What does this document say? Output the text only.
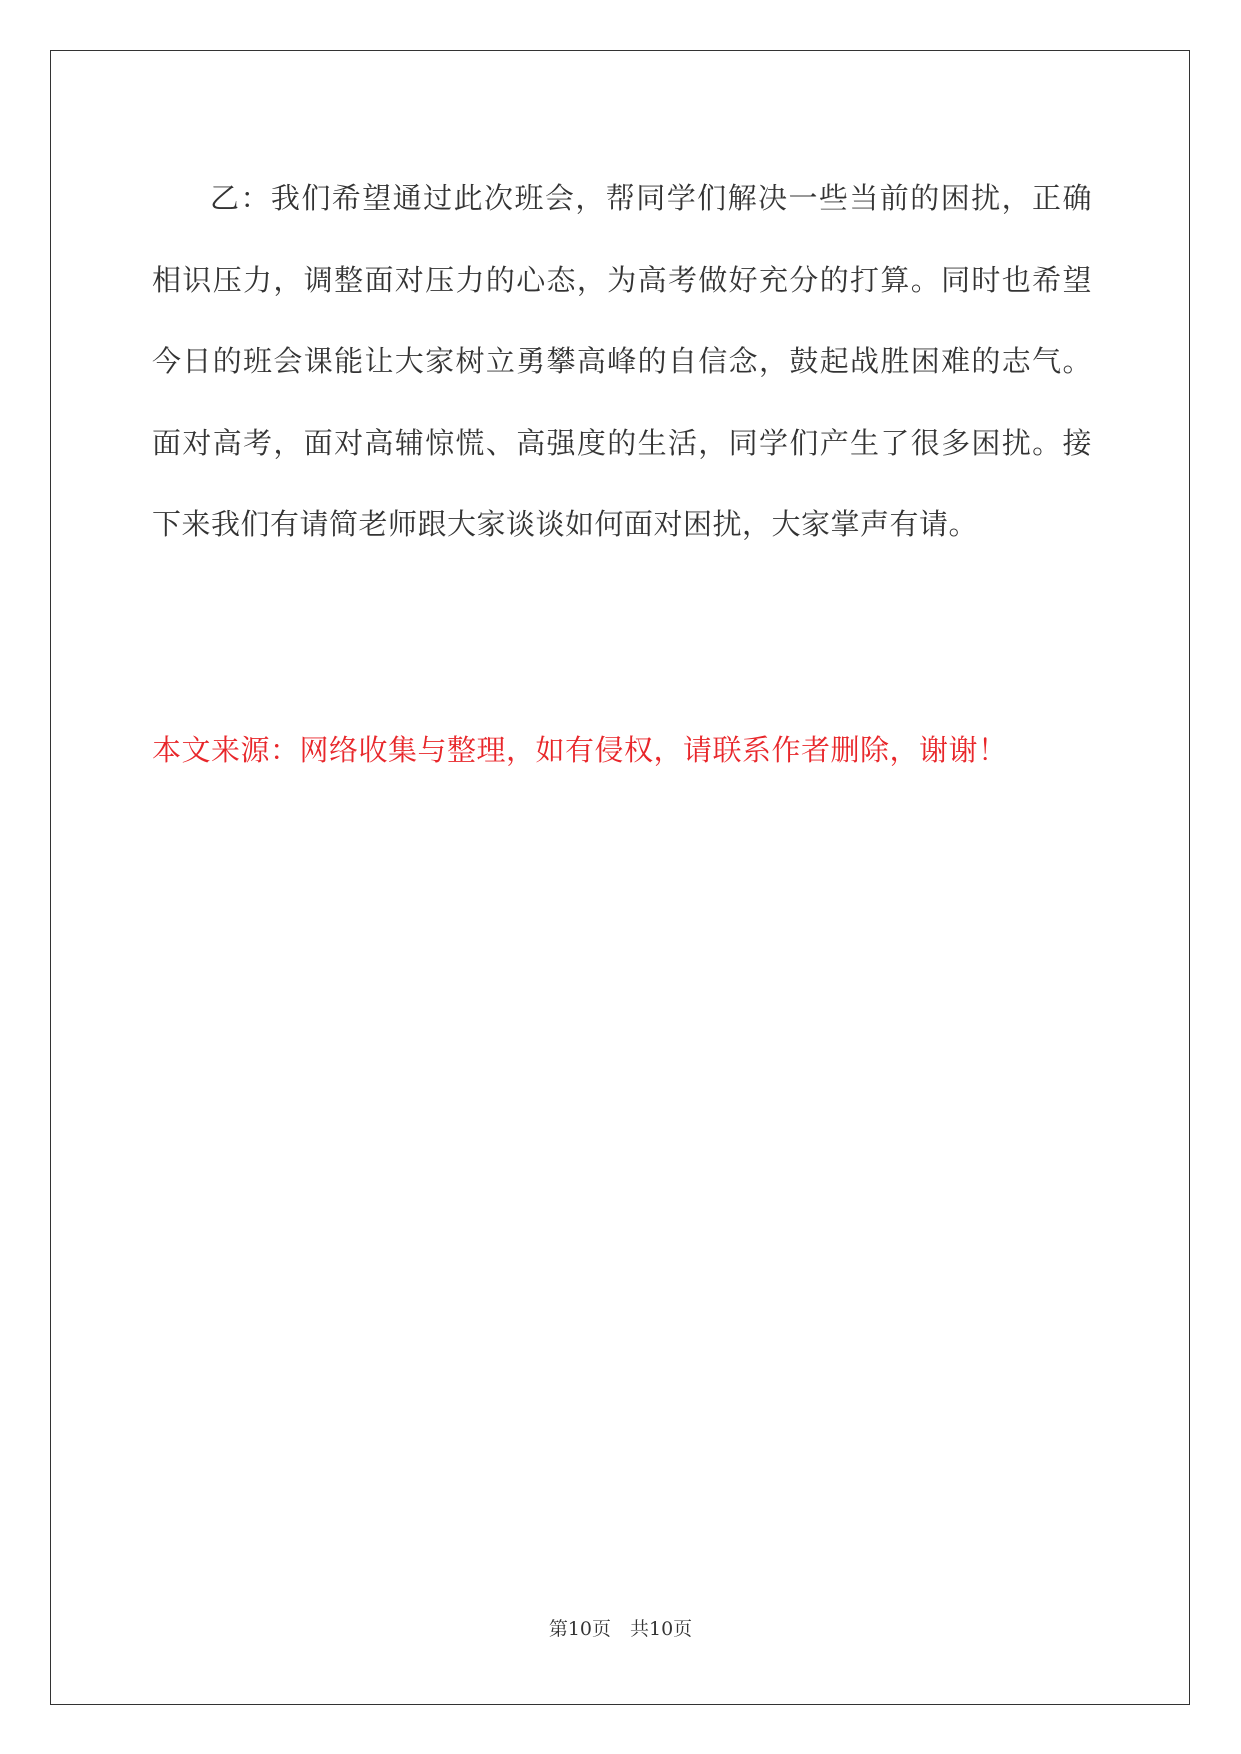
乙：我们希望通过此次班会，帮同学们解决一些当前的困扰，正确相识压力，调整面对压力的心态，为高考做好充分的打算。同时也希望今日的班会课能让大家树立勇攀高峰的自信念，鼓起战胜困难的志气。面对高考，面对高辅惊慌、高强度的生活，同学们产生了很多困扰。接下来我们有请简老师跟大家谈谈如何面对困扰，大家掌声有请。

本文来源：网络收集与整理，如有侵权，请联系作者删除，谢谢！

第10页　共10页
